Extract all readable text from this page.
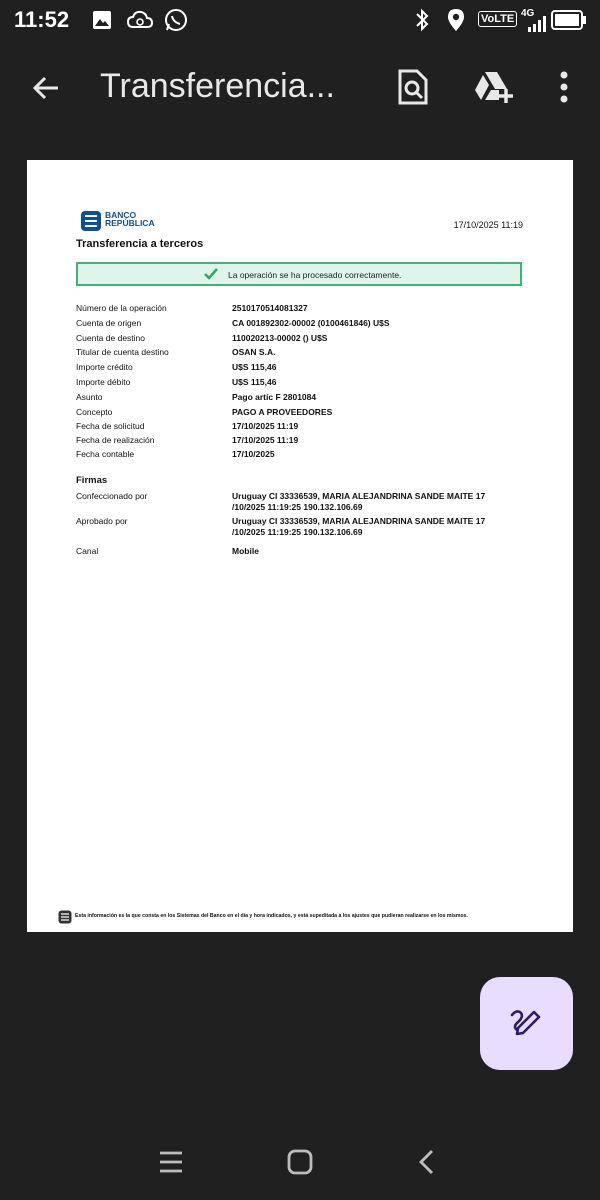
11:52	VoLTE 4G
Transferencia...
BANCO
REPÚBLICA	17/10/2025 11:19
Transferencia a terceros
La operación se ha procesado correctamente.
Número de la operación	2510170514081327
Cuenta de origen	CA 001892302-00002 (0100461846) U$S
Cuenta de destino	110020213-00002 () U$S
Titular de cuenta destino	OSAN S.A.
Importe crédito	U$S 115,46
Importe débito	U$S 115,46
Asunto	Pago artíc F 2801084
Concepto	PAGO A PROVEEDORES
Fecha de solicitud	17/10/2025 11:19
Fecha de realización	17/10/2025 11:19
Fecha contable	17/10/2025
Firmas
Confeccionado por	Uruguay CI 33336539, MARIA ALEJANDRINA SANDE MAITE 17 /10/2025 11:19:25 190.132.106.69
Aprobado por	Uruguay CI 33336539, MARIA ALEJANDRINA SANDE MAITE 17 /10/2025 11:19:25 190.132.106.69
Canal	Mobile
Esta información es la que consta en los Sistemas del Banco en el día y hora indicados, y está supeditada a los ajustes que pudieran realizarse en los mismos.
